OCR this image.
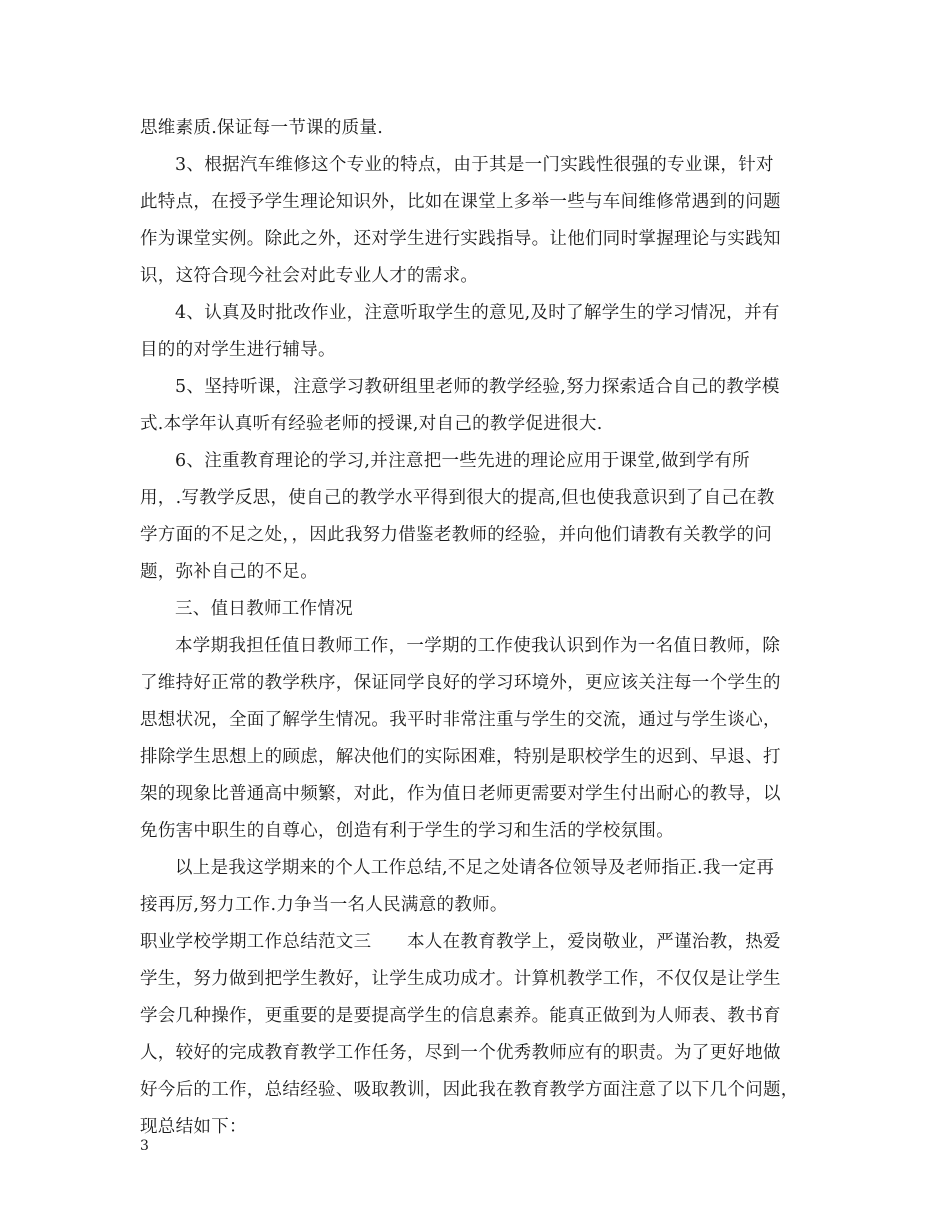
思维素质.保证每一节课的质量.
3、根据汽车维修这个专业的特点，由于其是一门实践性很强的专业课，针对
此特点，在授予学生理论知识外，比如在课堂上多举一些与车间维修常遇到的问题
作为课堂实例。除此之外，还对学生进行实践指导。让他们同时掌握理论与实践知
识，这符合现今社会对此专业人才的需求。
4、认真及时批改作业，注意听取学生的意见,及时了解学生的学习情况，并有
目的的对学生进行辅导。
5、坚持听课，注意学习教研组里老师的教学经验,努力探索适合自己的教学模
式.本学年认真听有经验老师的授课,对自己的教学促进很大.
6、注重教育理论的学习,并注意把一些先进的理论应用于课堂,做到学有所
用，.写教学反思，使自己的教学水平得到很大的提高,但也使我意识到了自己在教
学方面的不足之处，，因此我努力借鉴老教师的经验，并向他们请教有关教学的问
题，弥补自己的不足。
三、值日教师工作情况
本学期我担任值日教师工作，一学期的工作使我认识到作为一名值日教师，除
了维持好正常的教学秩序，保证同学良好的学习环境外，更应该关注每一个学生的
思想状况，全面了解学生情况。我平时非常注重与学生的交流，通过与学生谈心，
排除学生思想上的顾虑，解决他们的实际困难，特别是职校学生的迟到、早退、打
架的现象比普通高中频繁，对此，作为值日老师更需要对学生付出耐心的教导，以
免伤害中职生的自尊心，创造有利于学生的学习和生活的学校氛围。
以上是我这学期来的个人工作总结,不足之处请各位领导及老师指正.我一定再
接再厉,努力工作.力争当一名人民满意的教师。
职业学校学期工作总结范文三　　本人在教育教学上，爱岗敬业，严谨治教，热爱
学生，努力做到把学生教好，让学生成功成才。计算机教学工作，不仅仅是让学生
学会几种操作，更重要的是要提高学生的信息素养。能真正做到为人师表、教书育
人，较好的完成教育教学工作任务，尽到一个优秀教师应有的职责。为了更好地做
好今后的工作，总结经验、吸取教训，因此我在教育教学方面注意了以下几个问题，
现总结如下：
3
